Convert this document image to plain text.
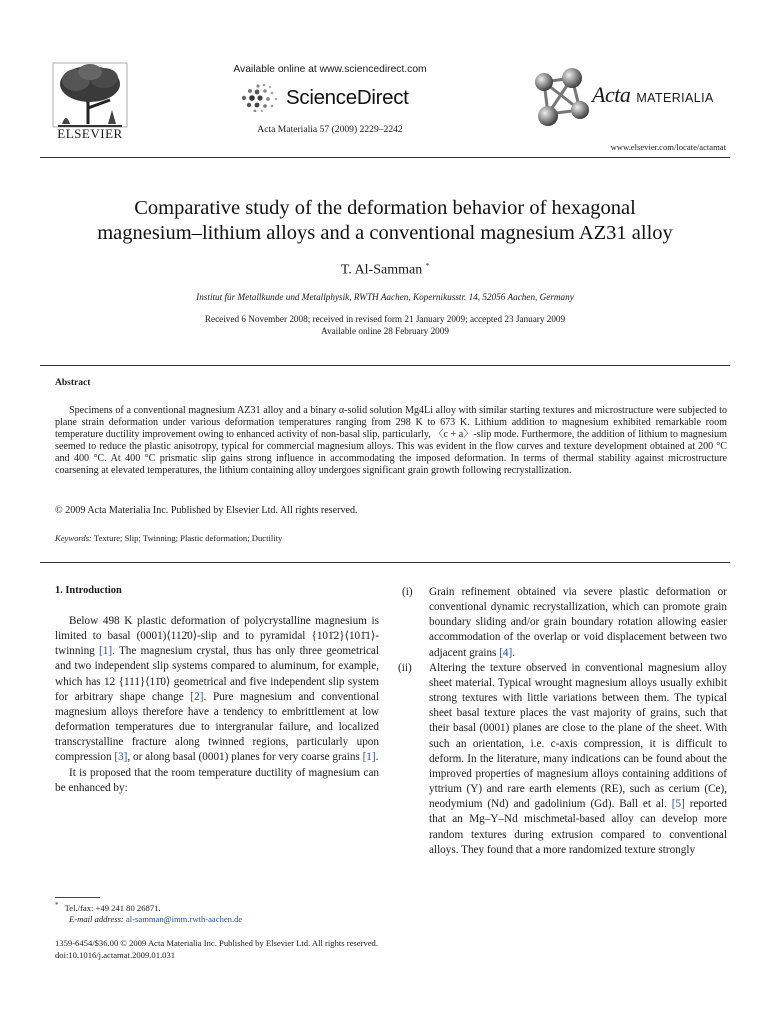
ELSEVIER
Available online at www.sciencedirect.com
ScienceDirect
Acta Materialia 57 (2009) 2229–2242
Acta MATERIALIA
www.elsevier.com/locate/actamat
Comparative study of the deformation behavior of hexagonal
magnesium–lithium alloys and a conventional magnesium AZ31 alloy
T. Al-Samman *
Institut für Metallkunde und Metallphysik, RWTH Aachen, Kopernikusstr. 14, 52056 Aachen, Germany
Received 6 November 2008; received in revised form 21 January 2009; accepted 23 January 2009
Available online 28 February 2009
Abstract
Specimens of a conventional magnesium AZ31 alloy and a binary α-solid solution Mg4Li alloy with similar starting textures and microstructure were subjected to plane strain deformation under various deformation temperatures ranging from 298 K to 673 K. Lithium addition to magnesium exhibited remarkable room temperature ductility improvement owing to enhanced activity of non-basal slip, particularly, 〈c + a〉-slip mode. Furthermore, the addition of lithium to magnesium seemed to reduce the plastic anisotropy, typical for commercial magnesium alloys. This was evident in the flow curves and texture development obtained at 200 °C and 400 °C. At 400 °C prismatic slip gains strong influence in accommodating the imposed deformation. In terms of thermal stability against microstructure coarsening at elevated temperatures, the lithium containing alloy undergoes significant grain growth following recrystallization.
© 2009 Acta Materialia Inc. Published by Elsevier Ltd. All rights reserved.
Keywords: Texture; Slip; Twinning; Plastic deformation; Ductility
1. Introduction

Below 498 K plastic deformation of polycrystalline magnesium is limited to basal (0001)⟨112̄0⟩-slip and to pyramidal {101̄2}⟨101̄1⟩-twinning [1]. The magnesium crystal, thus has only three geometrical and two independent slip systems compared to aluminum, for example, which has 12 {111}⟨11̄0⟩ geometrical and five independent slip system for arbitrary shape change [2]. Pure magnesium and conventional magnesium alloys therefore have a tendency to embrittlement at low deformation temperatures due to intergranular failure, and localized transcrystalline fracture along twinned regions, particularly upon compression [3], or along basal (0001) planes for very coarse grains [1].

It is proposed that the room temperature ductility of magnesium can be enhanced by:

* Tel./fax: +49 241 80 26871.
E-mail address: al-samman@imm.rwth-aachen.de
(i) Grain refinement obtained via severe plastic deformation or conventional dynamic recrystallization, which can promote grain boundary sliding and/or grain boundary rotation allowing easier accommodation of the overlap or void displacement between two adjacent grains [4].
(ii) Altering the texture observed in conventional magnesium alloy sheet material. Typical wrought magnesium alloys usually exhibit strong textures with little variations between them. The typical sheet basal texture places the vast majority of grains, such that their basal (0001) planes are close to the plane of the sheet. With such an orientation, i.e. c-axis compression, it is difficult to deform. In the literature, many indications can be found about the improved properties of magnesium alloys containing additions of yttrium (Y) and rare earth elements (RE), such as cerium (Ce), neodymium (Nd) and gadolinium (Gd). Ball et al. [5] reported that an Mg–Y–Nd mischmetal-based alloy can develop more random textures during extrusion compared to conventional alloys. They found that a more randomized texture strongly
1359-6454/$36.00 © 2009 Acta Materialia Inc. Published by Elsevier Ltd. All rights reserved.
doi:10.1016/j.actamat.2009.01.031
